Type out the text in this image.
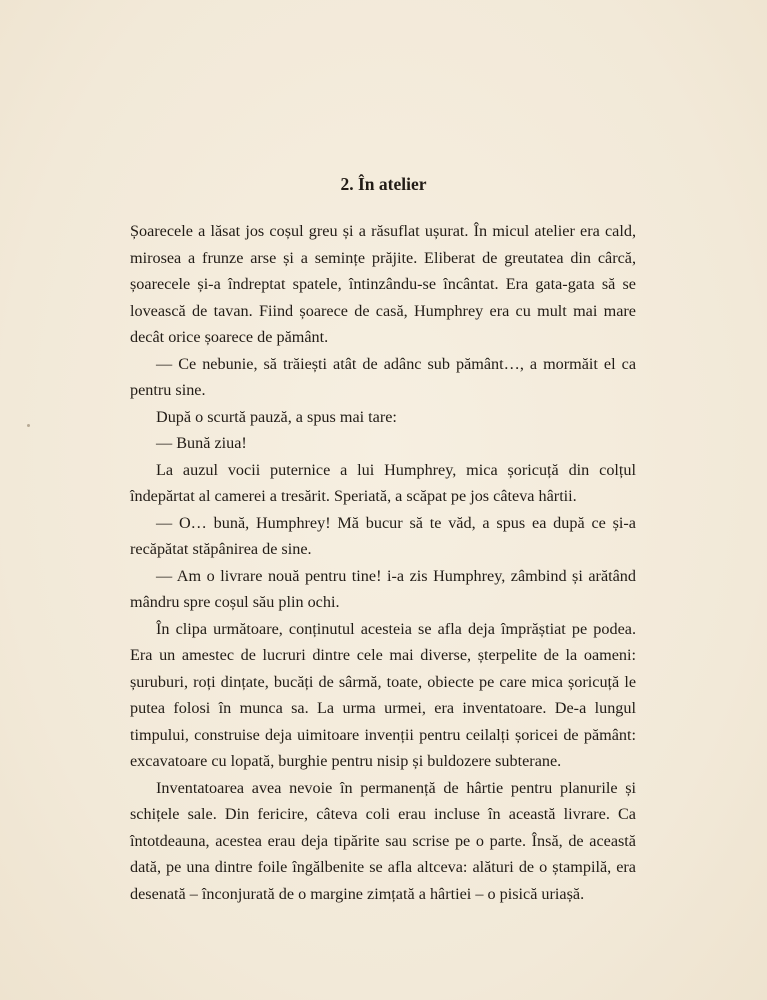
2. În atelier

Șoarecele a lăsat jos coșul greu și a răsuflat ușurat. În micul atelier era cald, mirosea a frunze arse și a semințe prăjite. Eliberat de greutatea din cârcă, șoarecele și-a îndreptat spatele, întinzându-se încântat. Era gata-gata să se lovească de tavan. Fiind șoarece de casă, Humphrey era cu mult mai mare decât orice șoarece de pământ.

— Ce nebunie, să trăiești atât de adânc sub pământ…, a mormăit el ca pentru sine.

După o scurtă pauză, a spus mai tare:

— Bună ziua!

La auzul vocii puternice a lui Humphrey, mica șoricuță din colțul îndepărtat al camerei a tresărit. Speriată, a scăpat pe jos câteva hârtii.

— O… bună, Humphrey! Mă bucur să te văd, a spus ea după ce și-a recăpătat stăpânirea de sine.

— Am o livrare nouă pentru tine! i-a zis Humphrey, zâmbind și arătând mândru spre coșul său plin ochi.

În clipa următoare, conținutul acesteia se afla deja împrăștiat pe podea. Era un amestec de lucruri dintre cele mai diverse, șterpelite de la oameni: șuruburi, roți dințate, bucăți de sârmă, toate, obiecte pe care mica șoricuță le putea folosi în munca sa. La urma urmei, era inventatoare. De-a lungul timpului, construise deja uimitoare invenții pentru ceilalți șoricei de pământ: excavatoare cu lopată, burghie pentru nisip și buldozere subterane.

Inventatoarea avea nevoie în permanență de hârtie pentru planurile și schițele sale. Din fericire, câteva coli erau incluse în această livrare. Ca întotdeauna, acestea erau deja tipărite sau scrise pe o parte. Însă, de această dată, pe una dintre foile îngălbenite se afla altceva: alături de o ștampilă, era desenată – înconjurată de o margine zimțată a hârtiei – o pisică uriașă.
